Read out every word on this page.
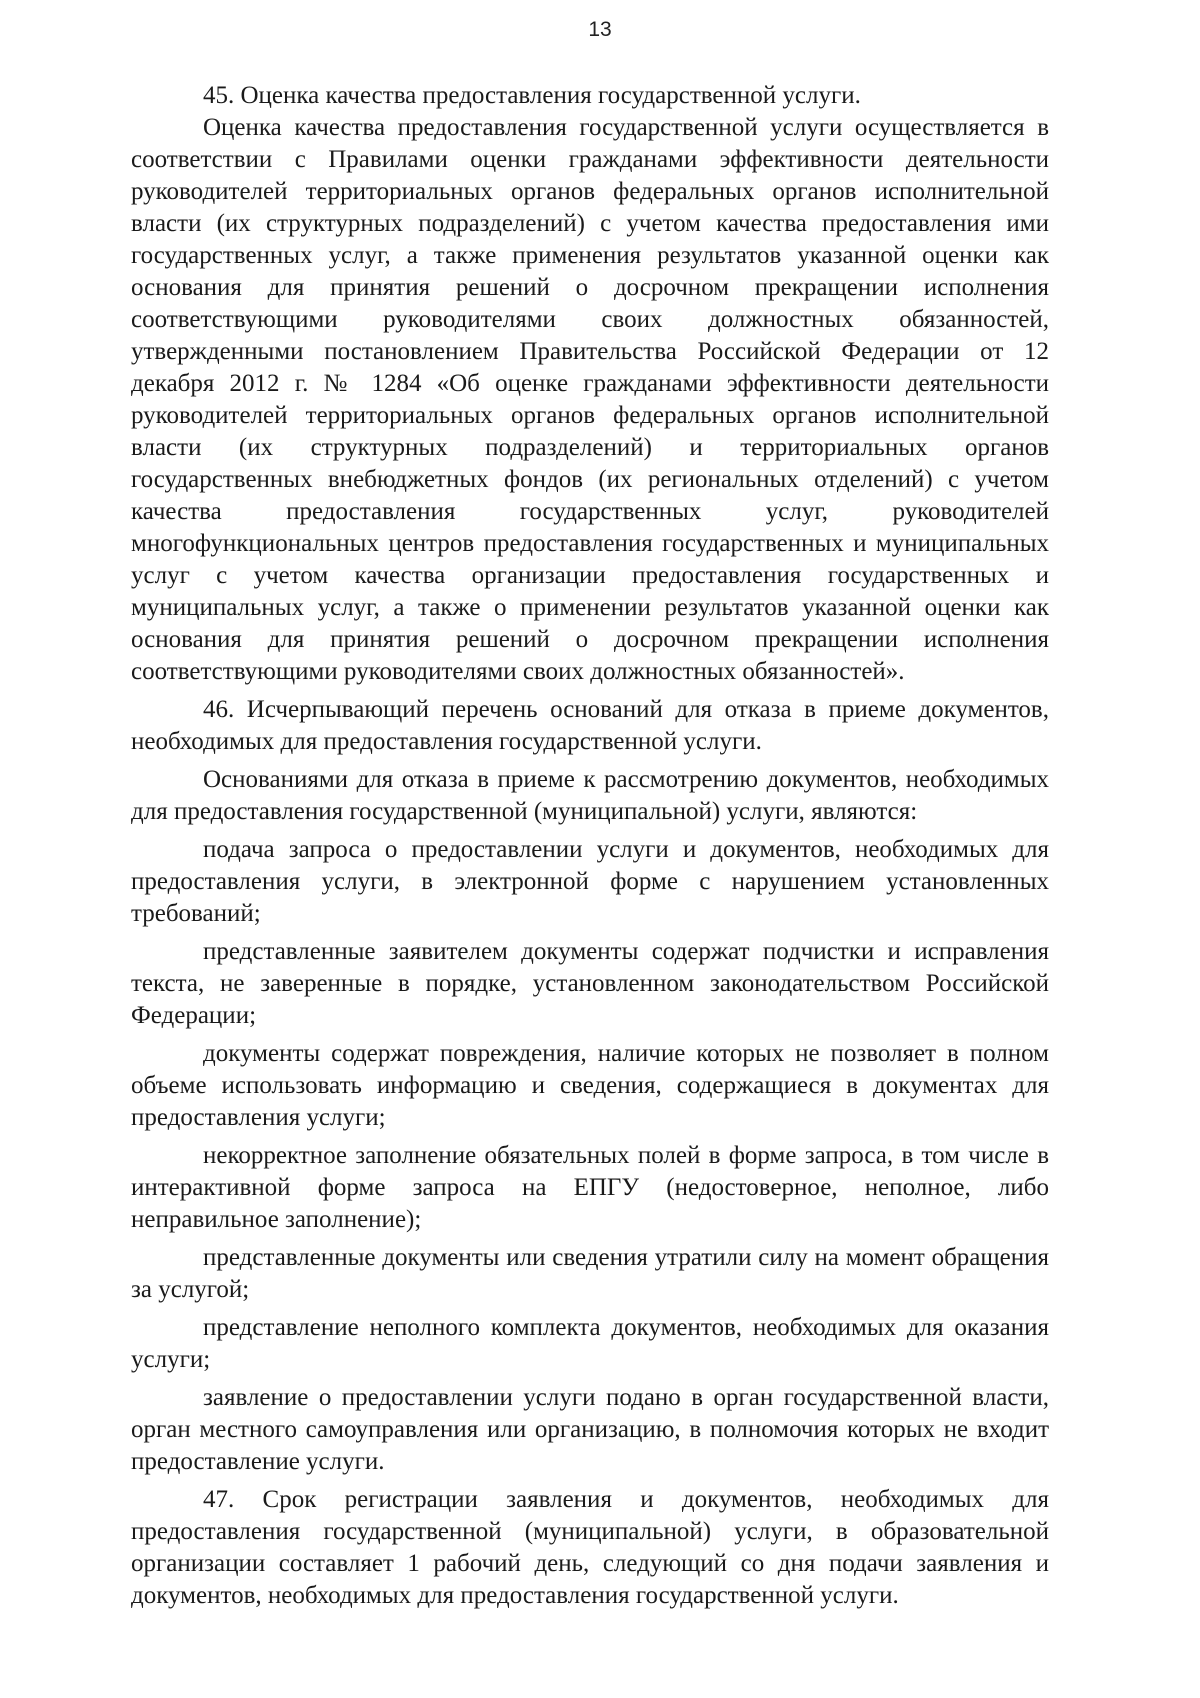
13

45. Оценка качества предоставления государственной услуги.

Оценка качества предоставления государственной услуги осуществляется в соответствии с Правилами оценки гражданами эффективности деятельности руководителей территориальных органов федеральных органов исполнительной власти (их структурных подразделений) с учетом качества предоставления ими государственных услуг, а также применения результатов указанной оценки как основания для принятия решений о досрочном прекращении исполнения соответствующими руководителями своих должностных обязанностей, утвержденными постановлением Правительства Российской Федерации от 12 декабря 2012 г. № 1284 «Об оценке гражданами эффективности деятельности руководителей территориальных органов федеральных органов исполнительной власти (их структурных подразделений) и территориальных органов государственных внебюджетных фондов (их региональных отделений) с учетом качества предоставления государственных услуг, руководителей многофункциональных центров предоставления государственных и муниципальных услуг с учетом качества организации предоставления государственных и муниципальных услуг, а также о применении результатов указанной оценки как основания для принятия решений о досрочном прекращении исполнения соответствующими руководителями своих должностных обязанностей».

46. Исчерпывающий перечень оснований для отказа в приеме документов, необходимых для предоставления государственной услуги.

Основаниями для отказа в приеме к рассмотрению документов, необходимых для предоставления государственной (муниципальной) услуги, являются:

подача запроса о предоставлении услуги и документов, необходимых для предоставления услуги, в электронной форме с нарушением установленных требований;

представленные заявителем документы содержат подчистки и исправления текста, не заверенные в порядке, установленном законодательством Российской Федерации;

документы содержат повреждения, наличие которых не позволяет в полном объеме использовать информацию и сведения, содержащиеся в документах для предоставления услуги;

некорректное заполнение обязательных полей в форме запроса, в том числе в интерактивной форме запроса на ЕПГУ (недостоверное, неполное, либо неправильное заполнение);

представленные документы или сведения утратили силу на момент обращения за услугой;

представление неполного комплекта документов, необходимых для оказания услуги;

заявление о предоставлении услуги подано в орган государственной власти, орган местного самоуправления или организацию, в полномочия которых не входит предоставление услуги.

47. Срок регистрации заявления и документов, необходимых для предоставления государственной (муниципальной) услуги, в образовательной организации составляет 1 рабочий день, следующий со дня подачи заявления и документов, необходимых для предоставления государственной услуги.
